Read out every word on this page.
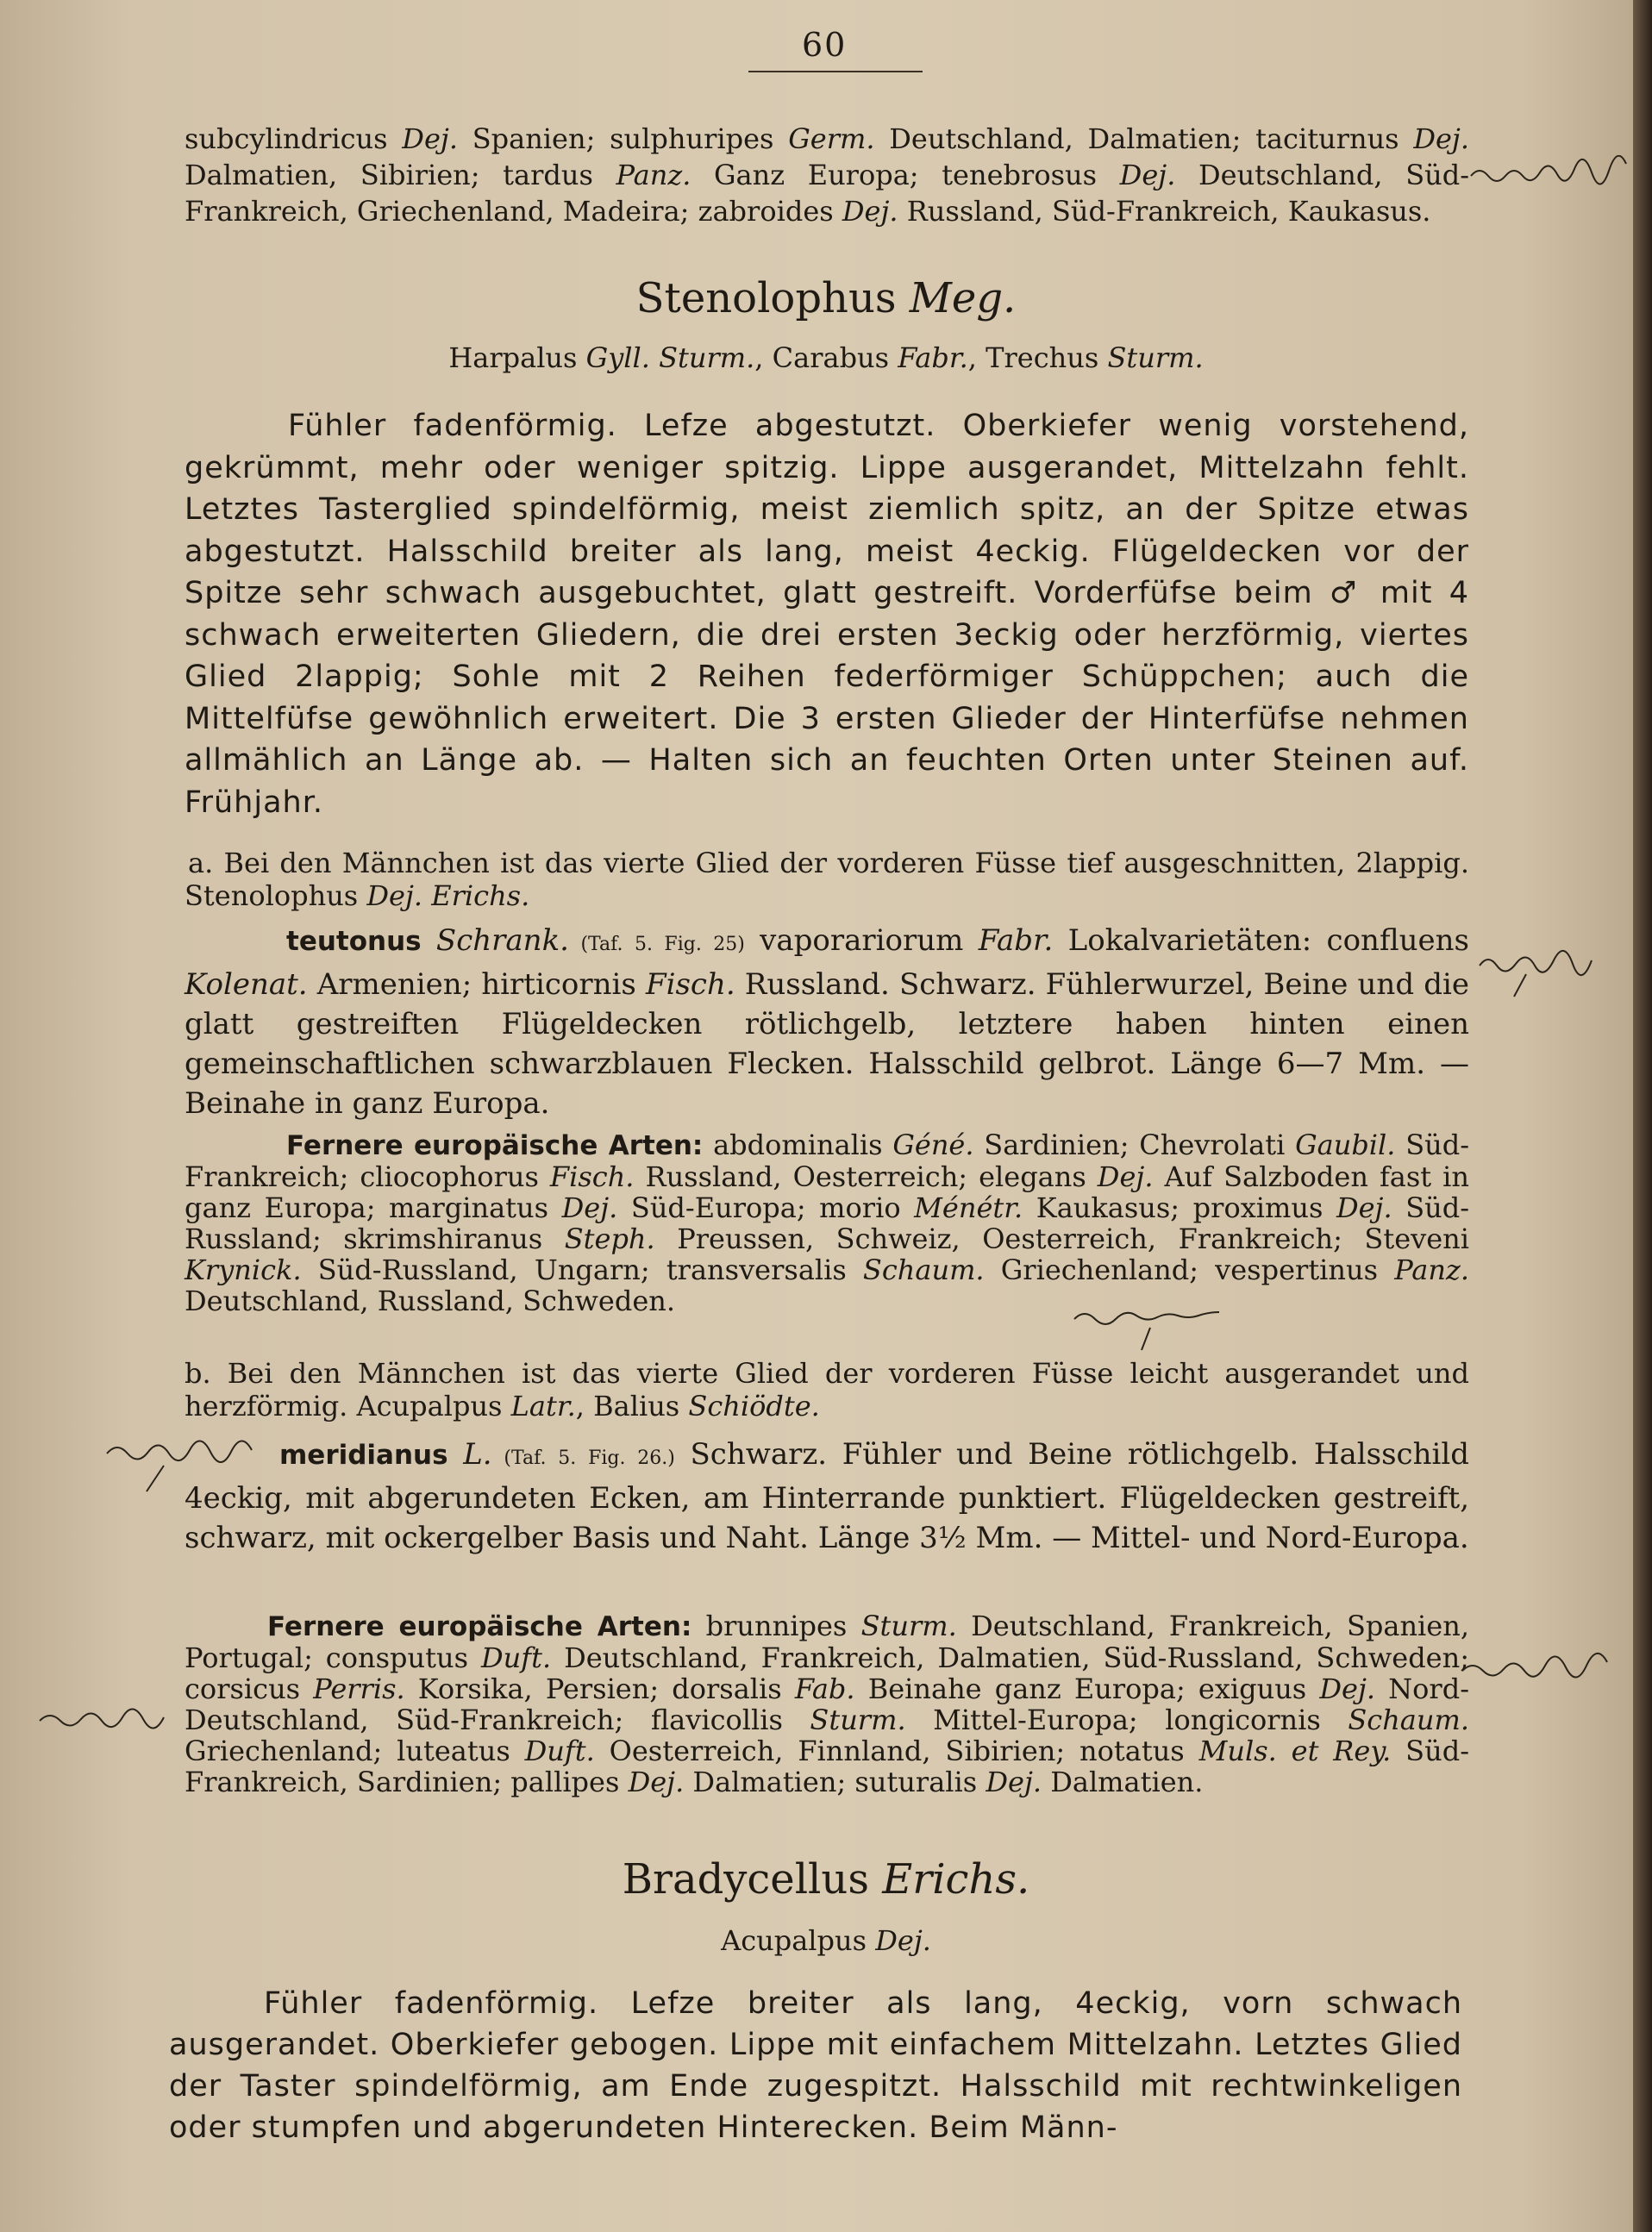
60

subcylindricus Dej. Spanien; sulphuripes Germ. Deutschland, Dalmatien; taciturnus Dej. Dalmatien, Sibirien; tardus Panz. Ganz Europa; tenebrosus Dej. Deutschland, Süd-Frankreich, Griechenland, Madeira; zabroides Dej. Russland, Süd-Frankreich, Kaukasus.

Stenolophus Meg.
Harpalus Gyll. Sturm., Carabus Fabr., Trechus Sturm.

Fühler fadenförmig. Lefze abgestutzt. Oberkiefer wenig vorstehend, gekrümmt, mehr oder weniger spitzig. Lippe ausgerandet, Mittelzahn fehlt. Letztes Tasterglied spindelförmig, meist ziemlich spitz, an der Spitze etwas abgestutzt. Halsschild breiter als lang, meist 4eckig. Flügeldecken vor der Spitze sehr schwach ausgebuchtet, glatt gestreift. Vorderfüfse beim ♂ mit 4 schwach erweiterten Gliedern, die drei ersten 3eckig oder herzförmig, viertes Glied 2lappig; Sohle mit 2 Reihen federförmiger Schüppchen; auch die Mittelfüfse gewöhnlich erweitert. Die 3 ersten Glieder der Hinterfüfse nehmen allmählich an Länge ab. — Halten sich an feuchten Orten unter Steinen auf. Frühjahr.

a. Bei den Männchen ist das vierte Glied der vorderen Füsse tief ausgeschnitten, 2lappig. Stenolophus Dej. Erichs.

teutonus Schrank. (Taf. 5. Fig. 25) vaporariorum Fabr. Lokalvarietäten: confluens Kolenat. Armenien; hirticornis Fisch. Russland. Schwarz. Fühlerwurzel, Beine und die glatt gestreiften Flügeldecken rötlichgelb, letztere haben hinten einen gemeinschaftlichen schwarzblauen Flecken. Halsschild gelbrot. Länge 6—7 Mm. — Beinahe in ganz Europa.

Fernere europäische Arten: abdominalis Géné. Sardinien; Chevrolati Gaubil. Süd-Frankreich; cliocophorus Fisch. Russland, Oesterreich; elegans Dej. Auf Salzboden fast in ganz Europa; marginatus Dej. Süd-Europa; morio Ménétr. Kaukasus; proximus Dej. Süd-Russland; skrimshiranus Steph. Preussen, Schweiz, Oesterreich, Frankreich; Steveni Krynick. Süd-Russland, Ungarn; transversalis Schaum. Griechenland; vespertinus Panz. Deutschland, Russland, Schweden.

b. Bei den Männchen ist das vierte Glied der vorderen Füsse leicht ausgerandet und herzförmig. Acupalpus Latr., Balius Schiödte.

meridianus L. (Taf. 5. Fig. 26.) Schwarz. Fühler und Beine rötlichgelb. Halsschild 4eckig, mit abgerundeten Ecken, am Hinterrande punktiert. Flügeldecken gestreift, schwarz, mit ockergelber Basis und Naht. Länge 3½ Mm. — Mittel- und Nord-Europa.

Fernere europäische Arten: brunnipes Sturm. Deutschland, Frankreich, Spanien, Portugal; consputus Duft. Deutschland, Frankreich, Dalmatien, Süd-Russland, Schweden; corsicus Perris. Korsika, Persien; dorsalis Fab. Beinahe ganz Europa; exiguus Dej. Nord-Deutschland, Süd-Frankreich; flavicollis Sturm. Mittel-Europa; longicornis Schaum. Griechenland; luteatus Duft. Oesterreich, Finnland, Sibirien; notatus Muls. et Rey. Süd-Frankreich, Sardinien; pallipes Dej. Dalmatien; suturalis Dej. Dalmatien.

Bradycellus Erichs.
Acupalpus Dej.

Fühler fadenförmig. Lefze breiter als lang, 4eckig, vorn schwach ausgerandet. Oberkiefer gebogen. Lippe mit einfachem Mittelzahn. Letztes Glied der Taster spindelförmig, am Ende zugespitzt. Halsschild mit rechtwinkeligen oder stumpfen und abgerundeten Hinterecken. Beim Männ-
